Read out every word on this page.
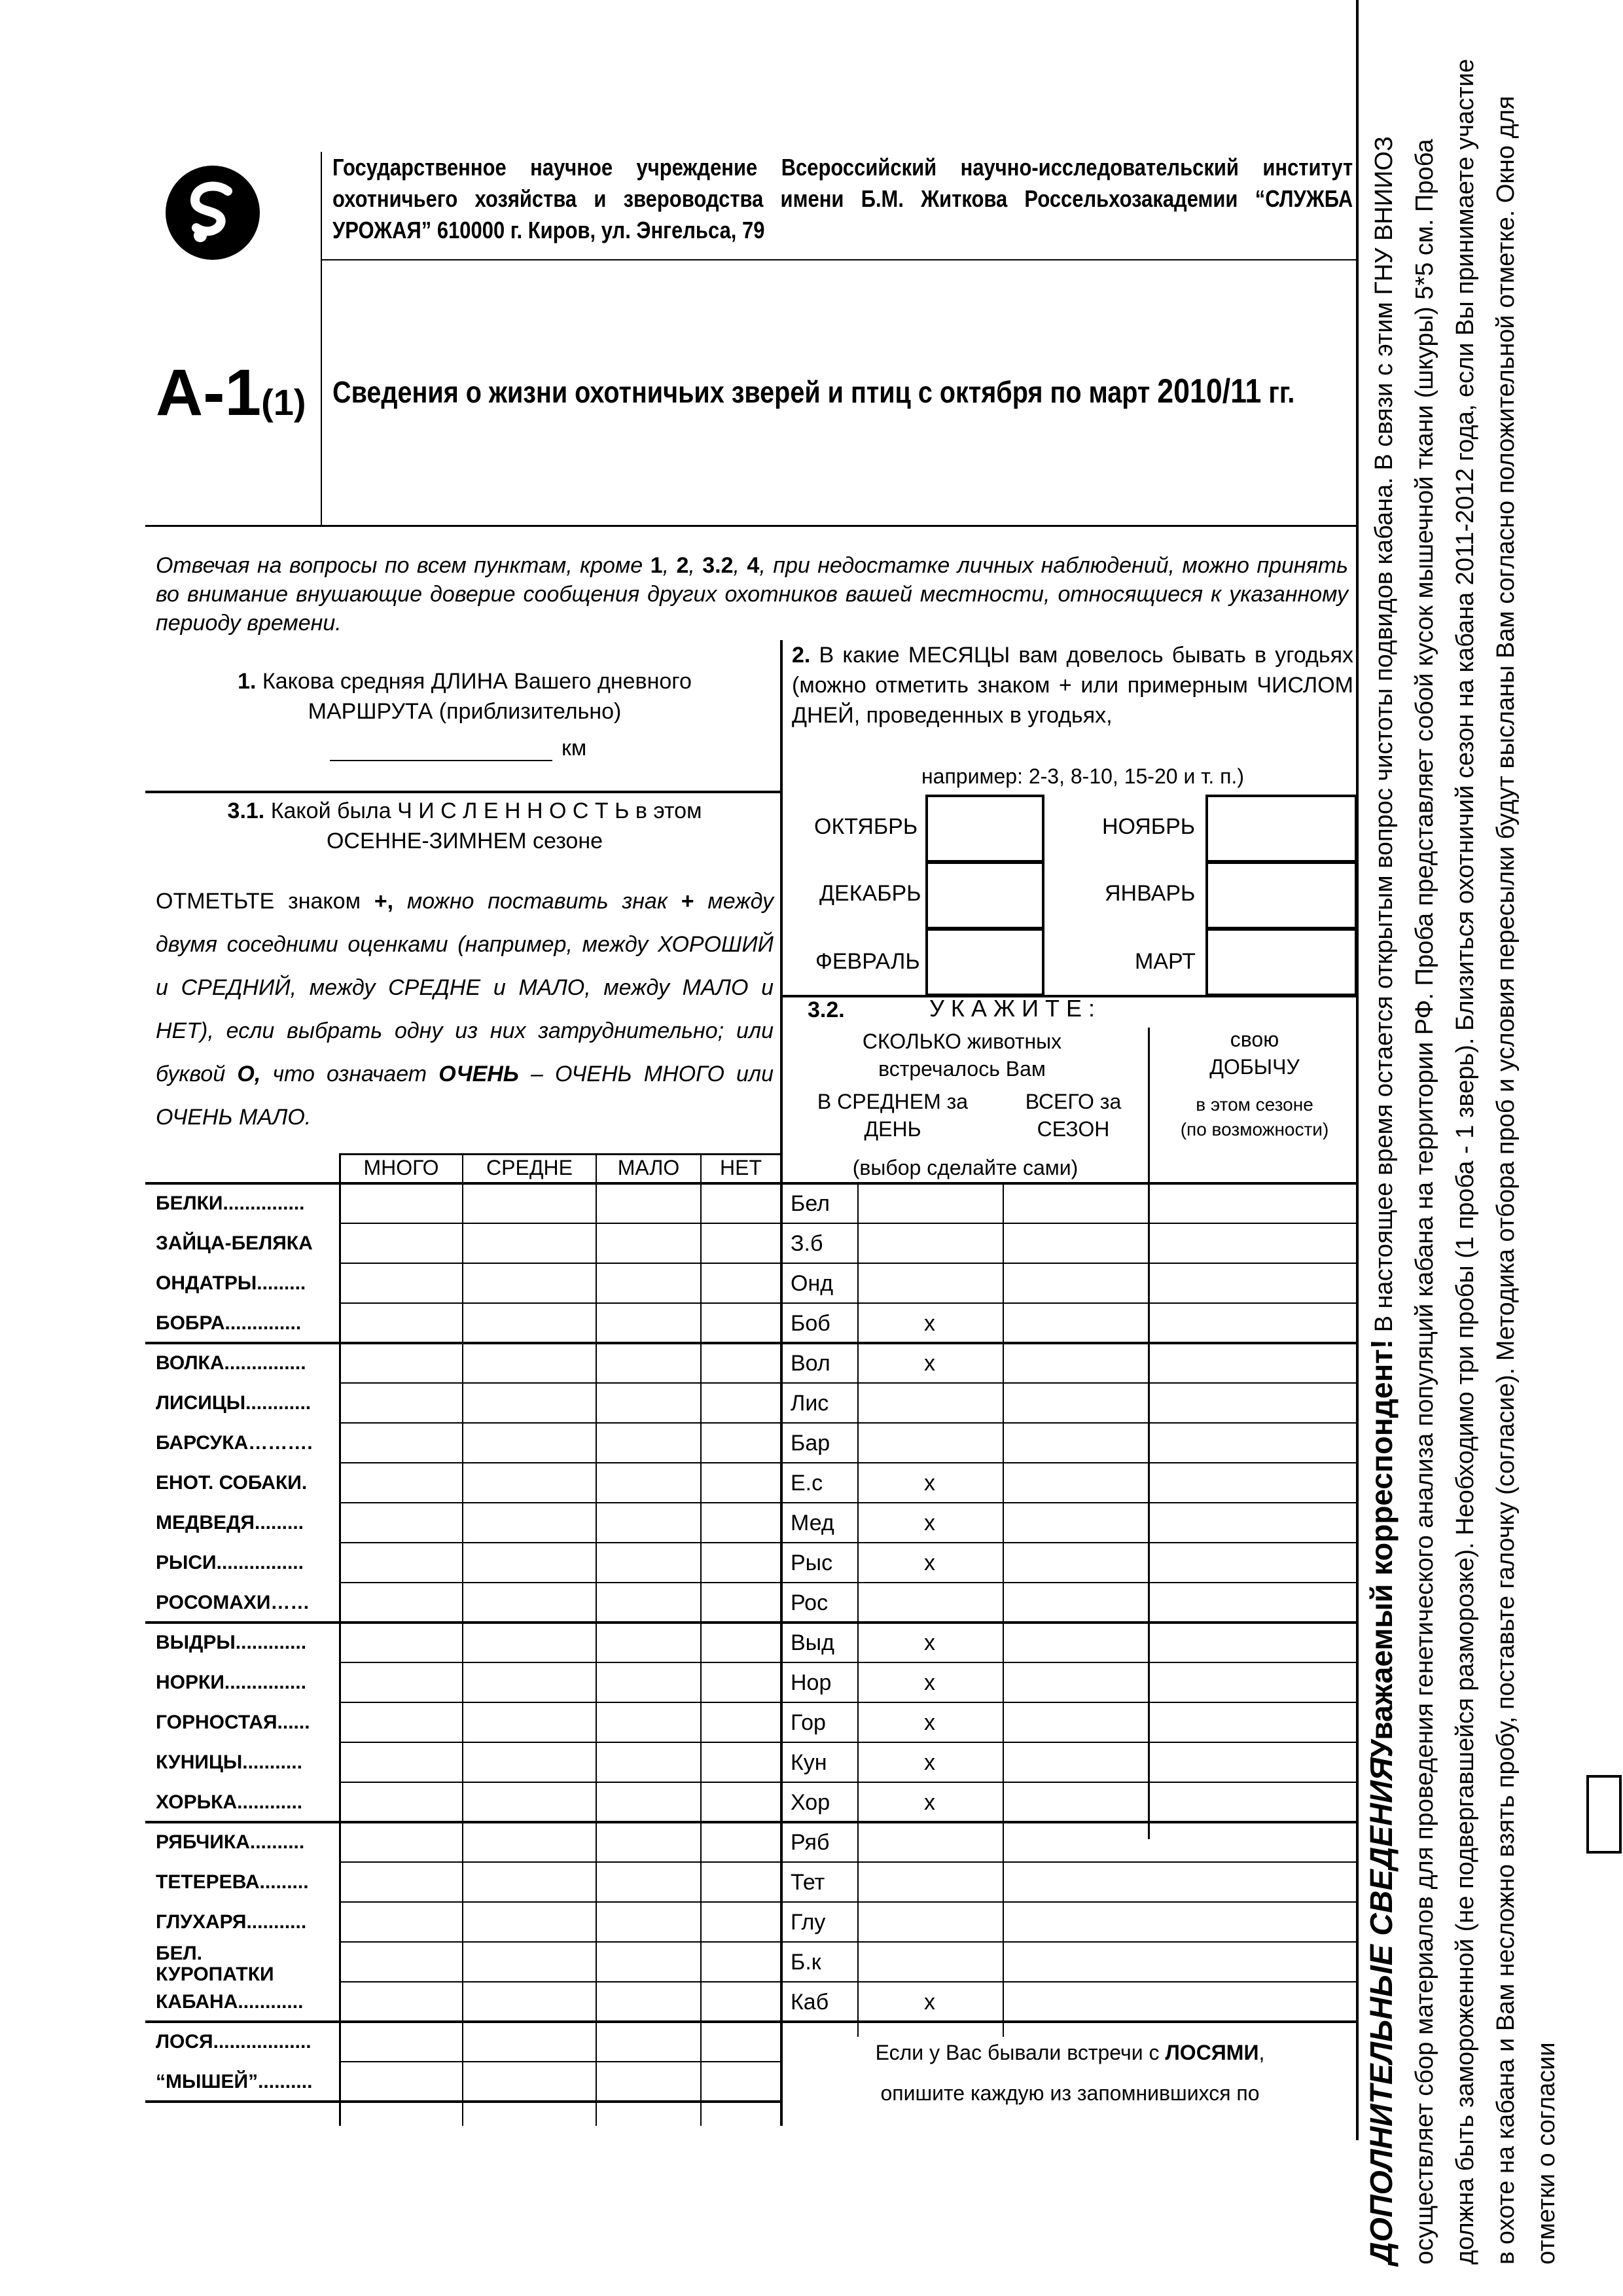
Государственное научное учреждение Всероссийский научно-исследовательский институт охотничьего хозяйства и звероводства имени Б.М. Житкова Россельхозакадемии “СЛУЖБА УРОЖАЯ” 610000 г. Киров, ул. Энгельса, 79
А-1(1) Сведения о жизни охотничьих зверей и птиц с октября по март 2010/11 гг.
Отвечая на вопросы по всем пунктам, кроме 1, 2, 3.2, 4, при недостатке личных наблюдений, можно принять во внимание внушающие доверие сообщения других охотников вашей местности, относящиеся к указанному периоду времени.
1. Какова средняя ДЛИНА Вашего дневного МАРШРУТА (приблизительно)
км
2. В какие МЕСЯЦЫ вам довелось бывать в угодьях (можно отметить знаком + или примерным ЧИСЛОМ ДНЕЙ, проведенных в угодьях,
например: 2-3, 8-10, 15-20 и т. п.)
ОКТЯБРЬ	НОЯБРЬ
ДЕКАБРЬ	ЯНВАРЬ
ФЕВРАЛЬ	МАРТ
3.1. Какой была Ч И С Л Е Н Н О С Т Ь в этом ОСЕННЕ-ЗИМНЕМ сезоне
ОТМЕТЬТЕ знаком +, можно поставить знак + между двумя соседними оценками (например, между ХОРОШИЙ и СРЕДНИЙ, между СРЕДНЕ и МАЛО, между МАЛО и НЕТ), если выбрать одну из них затруднительно; или буквой О, что означает ОЧЕНЬ – ОЧЕНЬ МНОГО или ОЧЕНЬ МАЛО.
3.2.	У К А Ж И Т Е :
СКОЛЬКО животных встречалось Вам
В СРЕДНЕМ за ДЕНЬ
ВСЕГО за СЕЗОН
свою
ДОБЫЧУ
в этом сезоне
(по возможности)
(выбор сделайте сами)
МНОГО	СРЕДНЕ	МАЛО	НЕТ
БЕЛКИ...............	Бел
ЗАЙЦА-БЕЛЯКА	З.б
ОНДАТРЫ.........	Онд
БОБРА..............	Боб	х
ВОЛКА...............	Вол	х
ЛИСИЦЫ............	Лис
БАРСУКА……….	Бар
ЕНОТ. СОБАКИ.	Е.с	х
МЕДВЕДЯ.........	Мед	х
РЫСИ................	Рыс	х
РОСОМАХИ……	Рос
ВЫДРЫ.............	Выд	х
НОРКИ...............	Нор	х
ГОРНОСТАЯ......	Гор	х
КУНИЦЫ...........	Кун	х
ХОРЬКА............	Хор	х
РЯБЧИКА..........	Ряб
ТЕТЕРЕВА.........	Тет
ГЛУХАРЯ...........	Глу
БЕЛ. КУРОПАТКИ	Б.к
КАБАНА............	Каб	х
ЛОСЯ..................
“МЫШЕЙ”..........
Если у Вас бывали встречи с ЛОСЯМИ,
опишите каждую из запомнившихся по	ДОПОЛНИТЕЛЬНЫЕ СВЕДЕНИЯУважаемый корреспондент! В настоящее время остается открытым вопрос чистоты подвидов кабана. В связи с этим ГНУ ВНИИОЗ осуществляет сбор материалов для проведения генетического анализа популяций кабана на территории РФ. Проба представляет собой кусок мышечной ткани (шкуры) 5*5 см. Проба должна быть замороженной (не подвергавшейся разморозке). Необходимо три пробы (1 проба - 1 зверь). Близиться охотничий сезон на кабана 2011-2012 года, если Вы принимаете участие в охоте на кабана и Вам несложно взять пробу, поставьте галочку (согласие). Методика отбора проб и условия пересылки будут высланы Вам согласно положительной отметке. Окно для отметки о согласии
